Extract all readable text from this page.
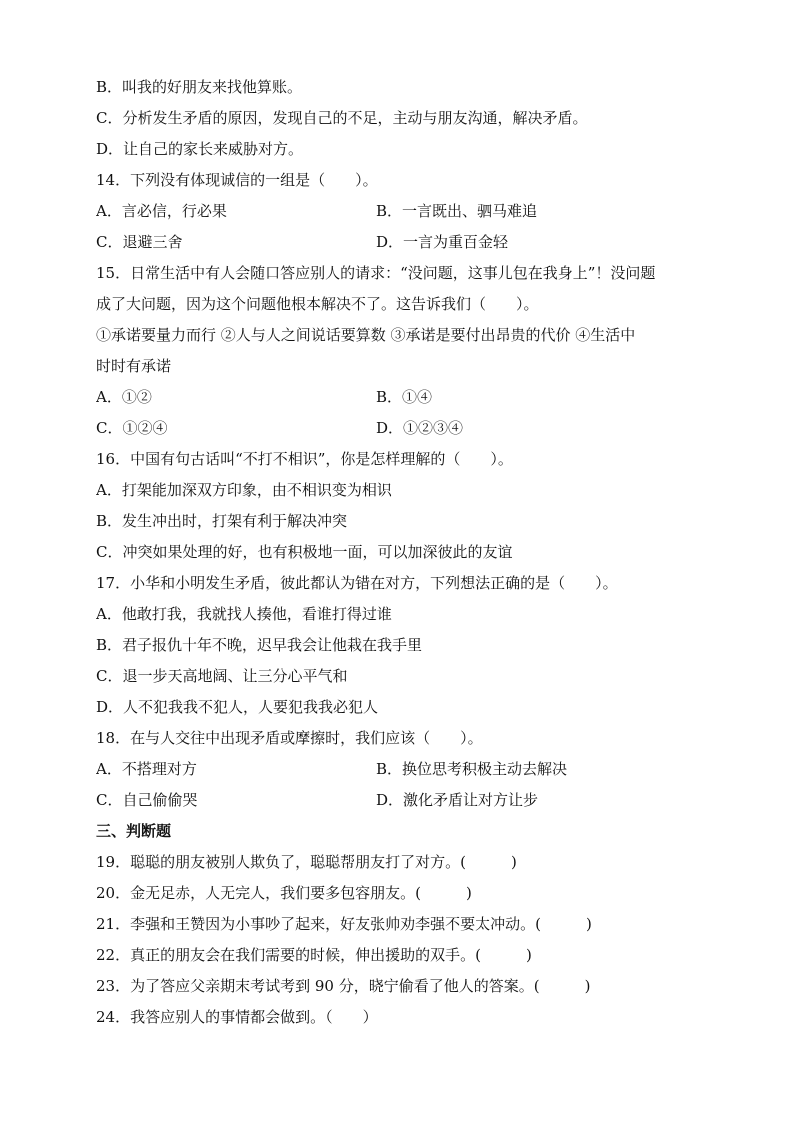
B．叫我的好朋友来找他算账。
C．分析发生矛盾的原因，发现自己的不足，主动与朋友沟通，解决矛盾。
D．让自己的家长来威胁对方。
14．下列没有体现诚信的一组是（　　）。
A．言必信，行必果	B．一言既出、驷马难追
C．退避三舍	D．一言为重百金轻
15．日常生活中有人会随口答应别人的请求：“没问题，这事儿包在我身上”！没问题
成了大问题，因为这个问题他根本解决不了。这告诉我们（　　）。
①承诺要量力而行 ②人与人之间说话要算数 ③承诺是要付出昂贵的代价 ④生活中
时时有承诺
A．①②	B．①④
C．①②④	D．①②③④
16．中国有句古话叫“不打不相识”，你是怎样理解的（　　）。
A．打架能加深双方印象，由不相识变为相识
B．发生冲出时，打架有利于解决冲突
C．冲突如果处理的好，也有积极地一面，可以加深彼此的友谊
17．小华和小明发生矛盾，彼此都认为错在对方，下列想法正确的是（　　）。
A．他敢打我，我就找人揍他，看谁打得过谁
B．君子报仇十年不晚，迟早我会让他栽在我手里
C．退一步天高地阔、让三分心平气和
D．人不犯我我不犯人，人要犯我我必犯人
18．在与人交往中出现矛盾或摩擦时，我们应该（　　）。
A．不搭理对方	B．换位思考积极主动去解决
C．自己偷偷哭	D．激化矛盾让对方让步
三、判断题
19．聪聪的朋友被别人欺负了，聪聪帮朋友打了对方。(　　　)
20．金无足赤，人无完人，我们要多包容朋友。(　　　)
21．李强和王赞因为小事吵了起来，好友张帅劝李强不要太冲动。(　　　)
22．真正的朋友会在我们需要的时候，伸出援助的双手。(　　　)
23．为了答应父亲期末考试考到 90 分，晓宁偷看了他人的答案。(　　　)
24．我答应别人的事情都会做到。（　　）
